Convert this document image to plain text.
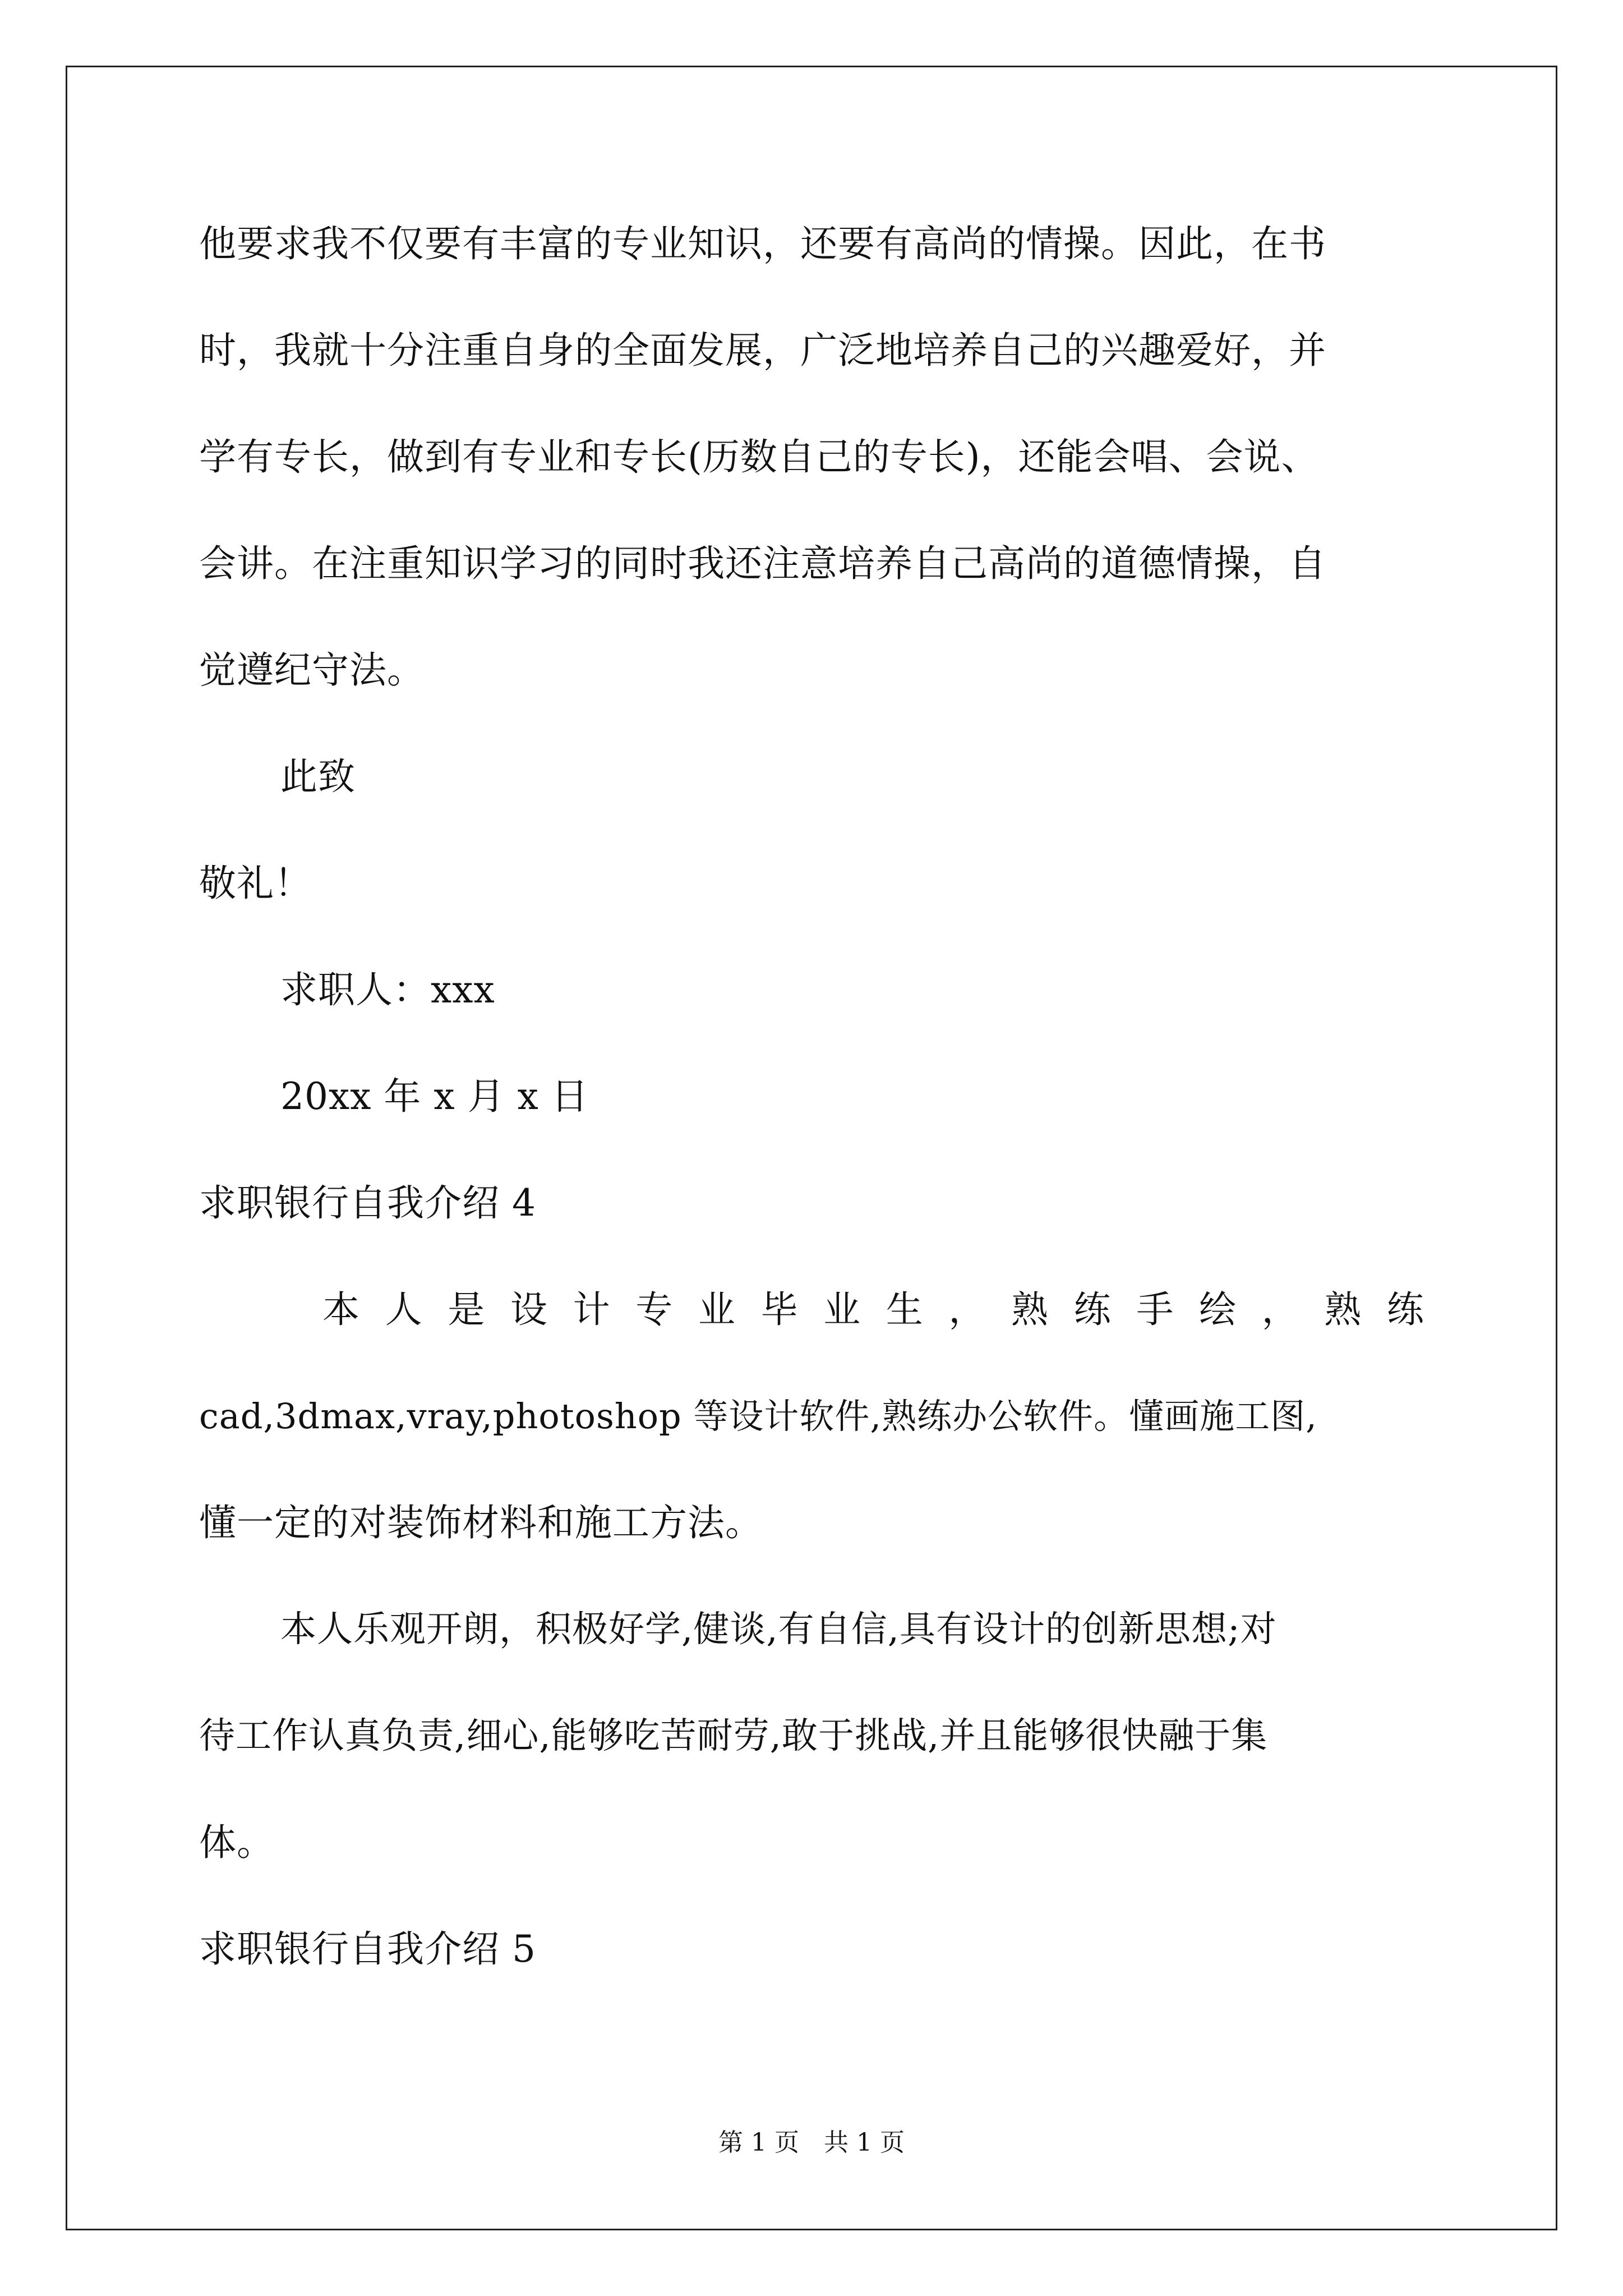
他要求我不仅要有丰富的专业知识，还要有高尚的情操。因此，在书
时，我就十分注重自身的全面发展，广泛地培养自己的兴趣爱好，并
学有专长，做到有专业和专长(历数自己的专长)，还能会唱、会说、
会讲。在注重知识学习的同时我还注意培养自己高尚的道德情操，自
觉遵纪守法。
此致
敬礼！
求职人：xxx
20xx 年 x 月 x 日
求职银行自我介绍 4
本 人 是 设 计 专 业 毕 业 生 ， 熟 练 手 绘 ， 熟 练
cad,3dmax,vray,photoshop 等设计软件,熟练办公软件。懂画施工图,
懂一定的对装饰材料和施工方法。
本人乐观开朗，积极好学,健谈,有自信,具有设计的创新思想;对
待工作认真负责,细心,能够吃苦耐劳,敢于挑战,并且能够很快融于集
体。
求职银行自我介绍 5
第 1 页　共 1 页
